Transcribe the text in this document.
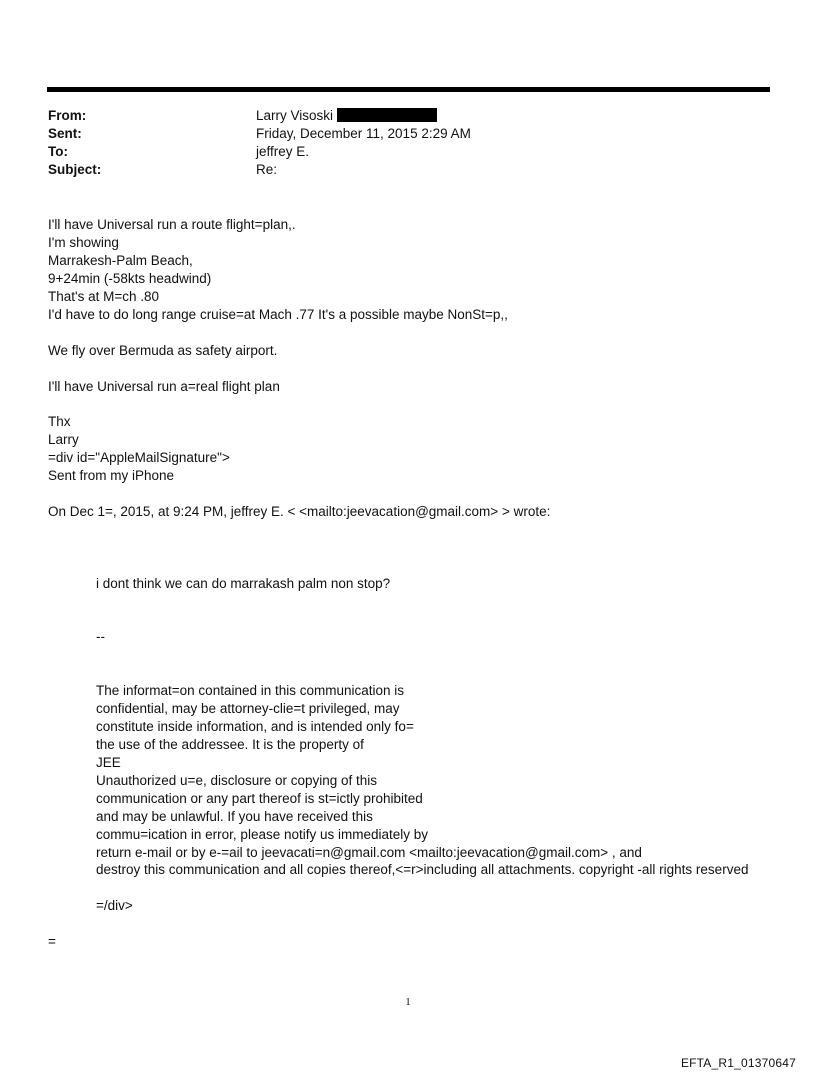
From:	Larry Visoski
Sent:	Friday, December 11, 2015 2:29 AM
To:	jeffrey E.
Subject:	Re:
I'll have Universal run a route flight=plan,.
I'm showing
Marrakesh-Palm Beach,
9+24min (-58kts headwind)
That's at M=ch .80
I'd have to do long range cruise=at Mach .77 It's a possible maybe NonSt=p,,
We fly over Bermuda as safety airport.
I'll have Universal run a=real flight plan
Thx
Larry
=div id="AppleMailSignature">
Sent from my iPhone
On Dec 1=, 2015, at 9:24 PM, jeffrey E. < <mailto:jeevacation@gmail.com> > wrote:
i dont think we can do marrakash palm non stop?
--
The informat=on contained in this communication is
confidential, may be attorney-clie=t privileged, may
constitute inside information, and is intended only fo=
the use of the addressee. It is the property of
JEE
Unauthorized u=e, disclosure or copying of this
communication or any part thereof is st=ictly prohibited
and may be unlawful. If you have received this
commu=ication in error, please notify us immediately by
return e-mail or by e-=ail to jeevacati=n@gmail.com <mailto:jeevacation@gmail.com> , and
destroy this communication and all copies thereof,<=r>including all attachments. copyright -all rights reserved
=/div>
=
1
EFTA_R1_01370647
